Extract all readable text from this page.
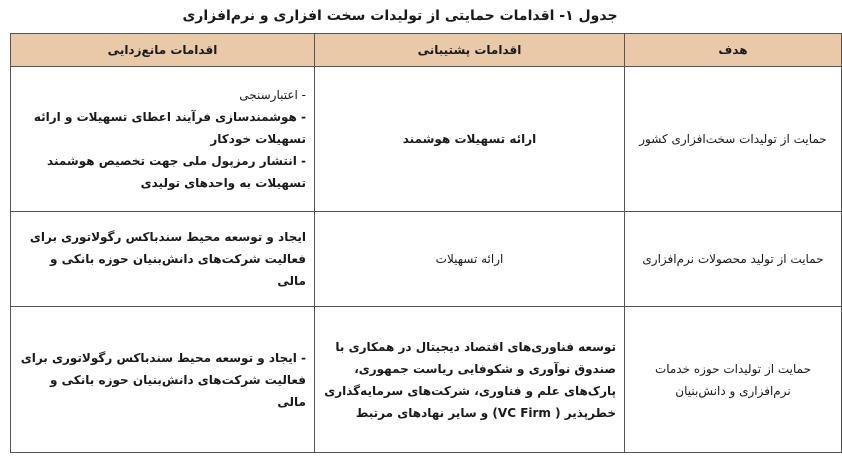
جدول ۱- اقدامات حمایتی از تولیدات سخت افزاری و نرم‌افزاری
هدف	اقدامات پشتیبانی	اقدامات مانع‌زدایی
حمایت از تولیدات سخت‌افزاری کشور	ارائه تسهیلات هوشمند	- اعتبارسنجی
- هوشمندسازی فرآیند اعطای تسهیلات و ارائه تسهیلات خودکار
- انتشار رمزپول ملی جهت تخصیص هوشمند تسهیلات به واحدهای تولیدی

حمایت از تولید محصولات نرم‌افزاری	ارائه تسهیلات	ایجاد و توسعه محیط سندباکس رگولاتوری برای فعالیت شرکت‌های دانش‌بنیان حوزه بانکی و مالی

حمایت از تولیدات حوزه خدمات نرم‌افزاری و دانش‌بنیان	توسعه فناوری‌های اقتصاد دیجیتال در همکاری با صندوق نوآوری و شکوفایی ریاست جمهوری، پارک‌های علم و فناوری، شرکت‌های سرمایه‌گذاری خطرپذیر ( VC Firm) و سایر نهادهای مرتبط	- ایجاد و توسعه محیط سندباکس رگولاتوری برای فعالیت شرکت‌های دانش‌بنیان حوزه بانکی و مالی
